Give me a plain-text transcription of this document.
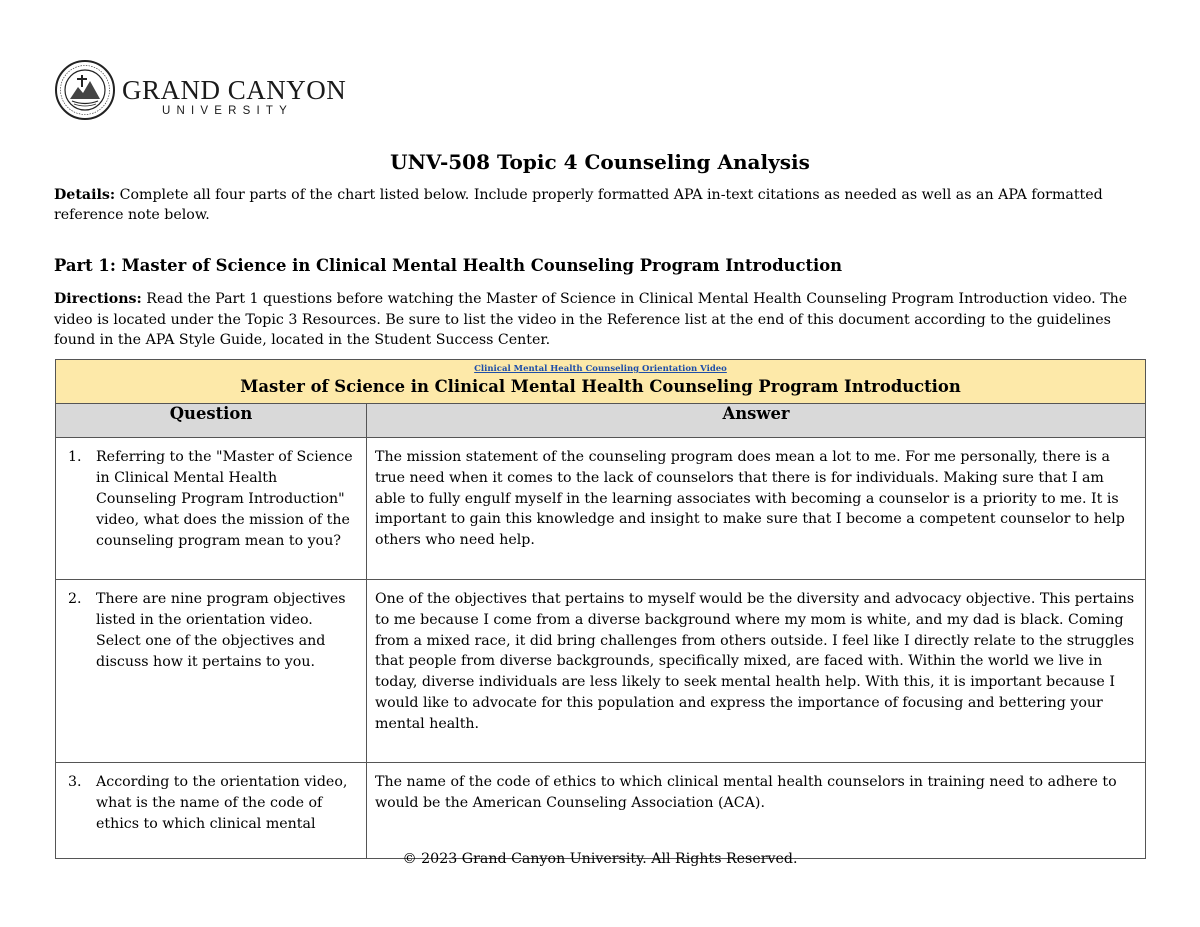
GRAND CANYON
UNIVERSITY
UNV-508 Topic 4 Counseling Analysis
Details: Complete all four parts of the chart listed below. Include properly formatted APA in-text citations as needed as well as an APA formatted reference note below.
Part 1: Master of Science in Clinical Mental Health Counseling Program Introduction
Directions: Read the Part 1 questions before watching the Master of Science in Clinical Mental Health Counseling Program Introduction video. The video is located under the Topic 3 Resources. Be sure to list the video in the Reference list at the end of this document according to the guidelines found in the APA Style Guide, located in the Student Success Center.
Clinical Mental Health Counseling Orientation Video
Master of Science in Clinical Mental Health Counseling Program Introduction	

Question	Answer

1. Referring to the "Master of Science in Clinical Mental Health Counseling Program Introduction" video, what does the mission of the counseling program mean to you?	The mission statement of the counseling program does mean a lot to me. For me personally, there is a true need when it comes to the lack of counselors that there is for individuals. Making sure that I am able to fully engulf myself in the learning associates with becoming a counselor is a priority to me. It is important to gain this knowledge and insight to make sure that I become a competent counselor to help others who need help.

2. There are nine program objectives listed in the orientation video. Select one of the objectives and discuss how it pertains to you.	One of the objectives that pertains to myself would be the diversity and advocacy objective. This pertains to me because I come from a diverse background where my mom is white, and my dad is black. Coming from a mixed race, it did bring challenges from others outside. I feel like I directly relate to the struggles that people from diverse backgrounds, specifically mixed, are faced with. Within the world we live in today, diverse individuals are less likely to seek mental health help. With this, it is important because I would like to advocate for this population and express the importance of focusing and bettering your mental health.

3. According to the orientation video, what is the name of the code of ethics to which clinical mental	The name of the code of ethics to which clinical mental health counselors in training need to adhere to would be the American Counseling Association (ACA).
© 2023 Grand Canyon University. All Rights Reserved.
